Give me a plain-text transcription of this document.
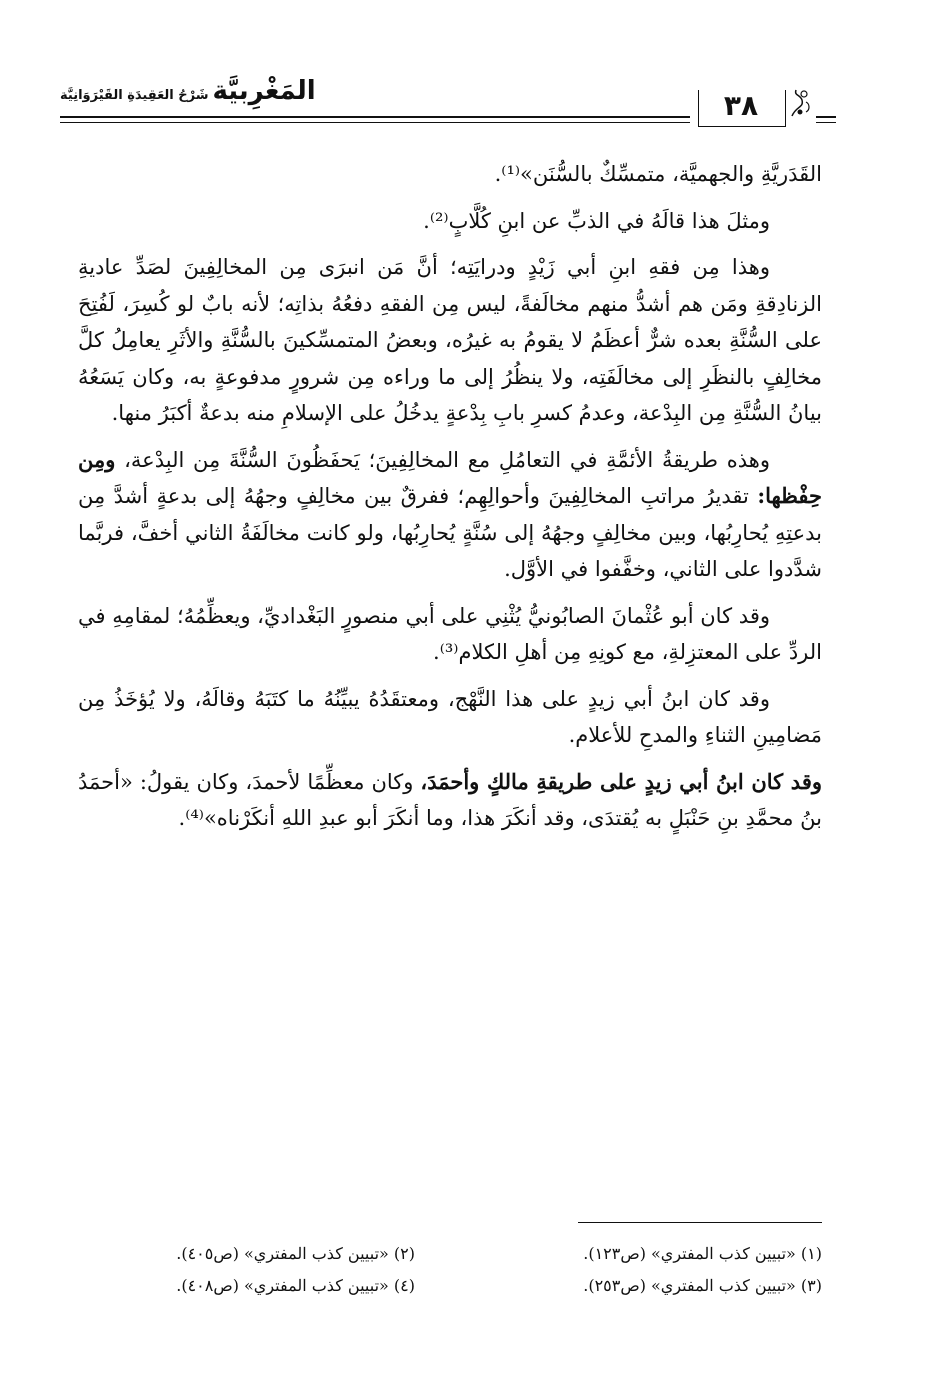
المَغْرِبيَّةشَرْحُ العَقِيدَةِ القَيْرَوَانِيَّة	٣٨

القَدَريَّةِ والجهميَّة، متمسِّكٌ بالسُّنَن»⁽¹⁾.

ومثلَ هذا قالَهُ في الذبِّ عن ابنِ كُلَّابٍ⁽²⁾.

وهذا مِن فقهِ ابنِ أبي زَيْدٍ ودرايَتِه؛ أنَّ مَن انبرَى مِن المخالِفِينَ لصَدِّ عاديةِ الزنادِقةِ ومَن هم أشدُّ منهم مخالَفةً، ليس مِن الفقهِ دفعُهُ بذاتِه؛ لأنه بابٌ لو كُسِرَ، لَفُتِحَ على السُّنَّةِ بعده شرٌّ أعظَمُ لا يقومُ به غيرُه، وبعضُ المتمسِّكينَ بالسُّنَّةِ والأثَرِ يعامِلُ كلَّ مخالِفٍ بالنظَرِ إلى مخالَفَتِه، ولا ينظُرُ إلى ما وراءه مِن شرورٍ مدفوعةٍ به، وكان يَسَعُهُ بيانُ السُّنَّةِ مِن البِدْعة، وعدمُ كسرِ بابِ بِدْعةٍ يدخُلُ على الإسلامِ منه بدعةٌ أكبَرُ منها.

وهذه طريقةُ الأئمَّةِ في التعامُلِ مع المخالِفِينَ؛ يَحفَظُونَ السُّنَّةَ مِن البِدْعة، ومِن حِفْظها: تقديرُ مراتبِ المخالِفِينَ وأحوالِهِم؛ ففرقٌ بين مخالِفٍ وجهُهُ إلى بدعةٍ أشدَّ مِن بدعتِهِ يُحارِبُها، وبين مخالِفٍ وجهُهُ إلى سُنَّةٍ يُحارِبُها، ولو كانت مخالَفَةُ الثاني أخفَّ، فربَّما شدَّدوا على الثاني، وخفَّفوا في الأوَّل.

وقد كان أبو عُثْمانَ الصابُونيُّ يُثْنِي على أبي منصورٍ البَغْداديِّ، ويعظِّمُهُ؛ لمقامِهِ في الردِّ على المعتزِلةِ، مع كونِهِ مِن أهلِ الكلام⁽³⁾.

وقد كان ابنُ أبي زيدٍ على هذا النَّهْج، ومعتقَدُهُ يبيِّنُهُ ما كتَبَهُ وقالَهُ، ولا يُؤخَذُ مِن مَضامِينِ الثناءِ والمدحِ للأعلام.

وقد كان ابنُ أبي زيدٍ على طريقةِ مالكٍ وأحمَدَ، وكان معظِّمًا لأحمدَ، وكان يقولُ: «أحمَدُ بنُ محمَّدِ بنِ حَنْبَلٍ به يُقتدَى، وقد أنكَرَ هذا، وما أنكَرَ أبو عبدِ اللهِ أنكَرْناه»⁽⁴⁾.

(١) «تبيين كذب المفتري» (ص١٢٣).
(٢) «تبيين كذب المفتري» (ص٤٠٥).
(٣) «تبيين كذب المفتري» (ص٢٥٣).
(٤) «تبيين كذب المفتري» (ص٤٠٨).
